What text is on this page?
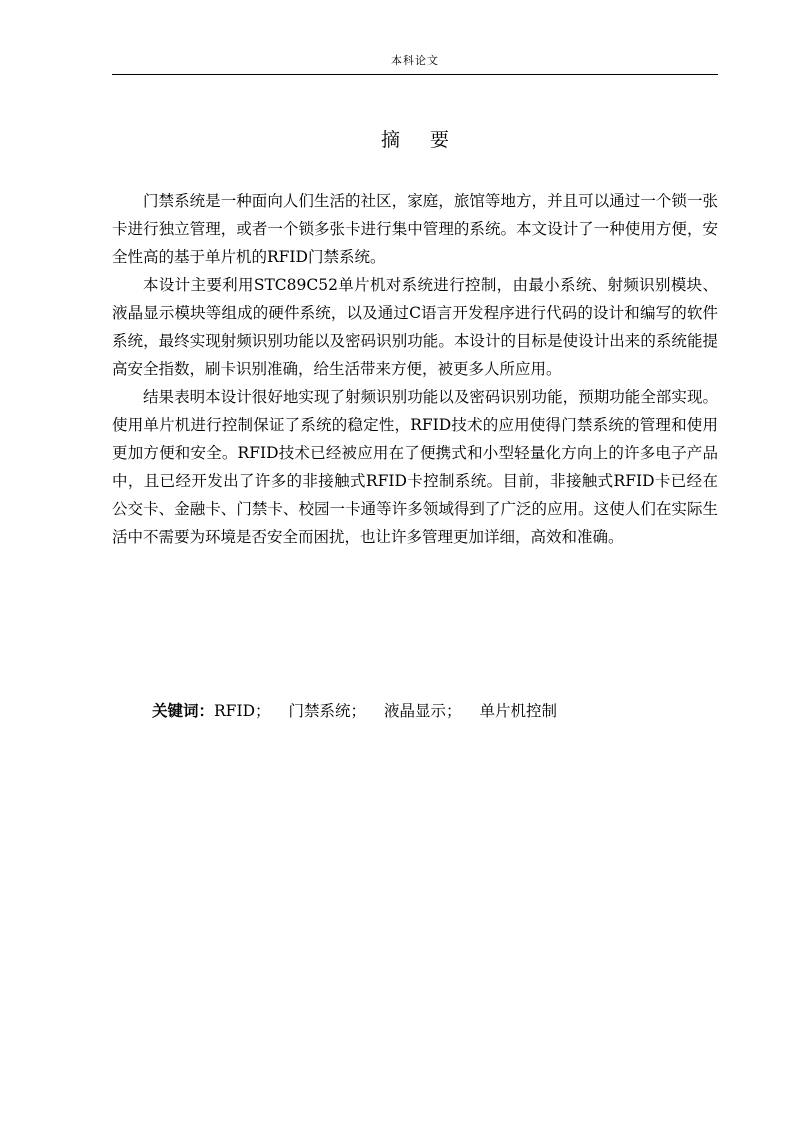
本科论文
摘要

门禁系统是一种面向人们生活的社区，家庭，旅馆等地方，并且可以通过一个锁一张卡进行独立管理，或者一个锁多张卡进行集中管理的系统。本文设计了一种使用方便，安全性高的基于单片机的RFID门禁系统。

本设计主要利用STC89C52单片机对系统进行控制，由最小系统、射频识别模块、液晶显示模块等组成的硬件系统，以及通过C语言开发程序进行代码的设计和编写的软件系统，最终实现射频识别功能以及密码识别功能。本设计的目标是使设计出来的系统能提高安全指数，刷卡识别准确，给生活带来方便，被更多人所应用。

结果表明本设计很好地实现了射频识别功能以及密码识别功能，预期功能全部实现。使用单片机进行控制保证了系统的稳定性，RFID技术的应用使得门禁系统的管理和使用更加方便和安全。RFID技术已经被应用在了便携式和小型轻量化方向上的许多电子产品中，且已经开发出了许多的非接触式RFID卡控制系统。目前，非接触式RFID卡已经在公交卡、金融卡、门禁卡、校园一卡通等许多领域得到了广泛的应用。这使人们在实际生活中不需要为环境是否安全而困扰，也让许多管理更加详细，高效和准确。

关键词：RFID； 门禁系统； 液晶显示； 单片机控制
